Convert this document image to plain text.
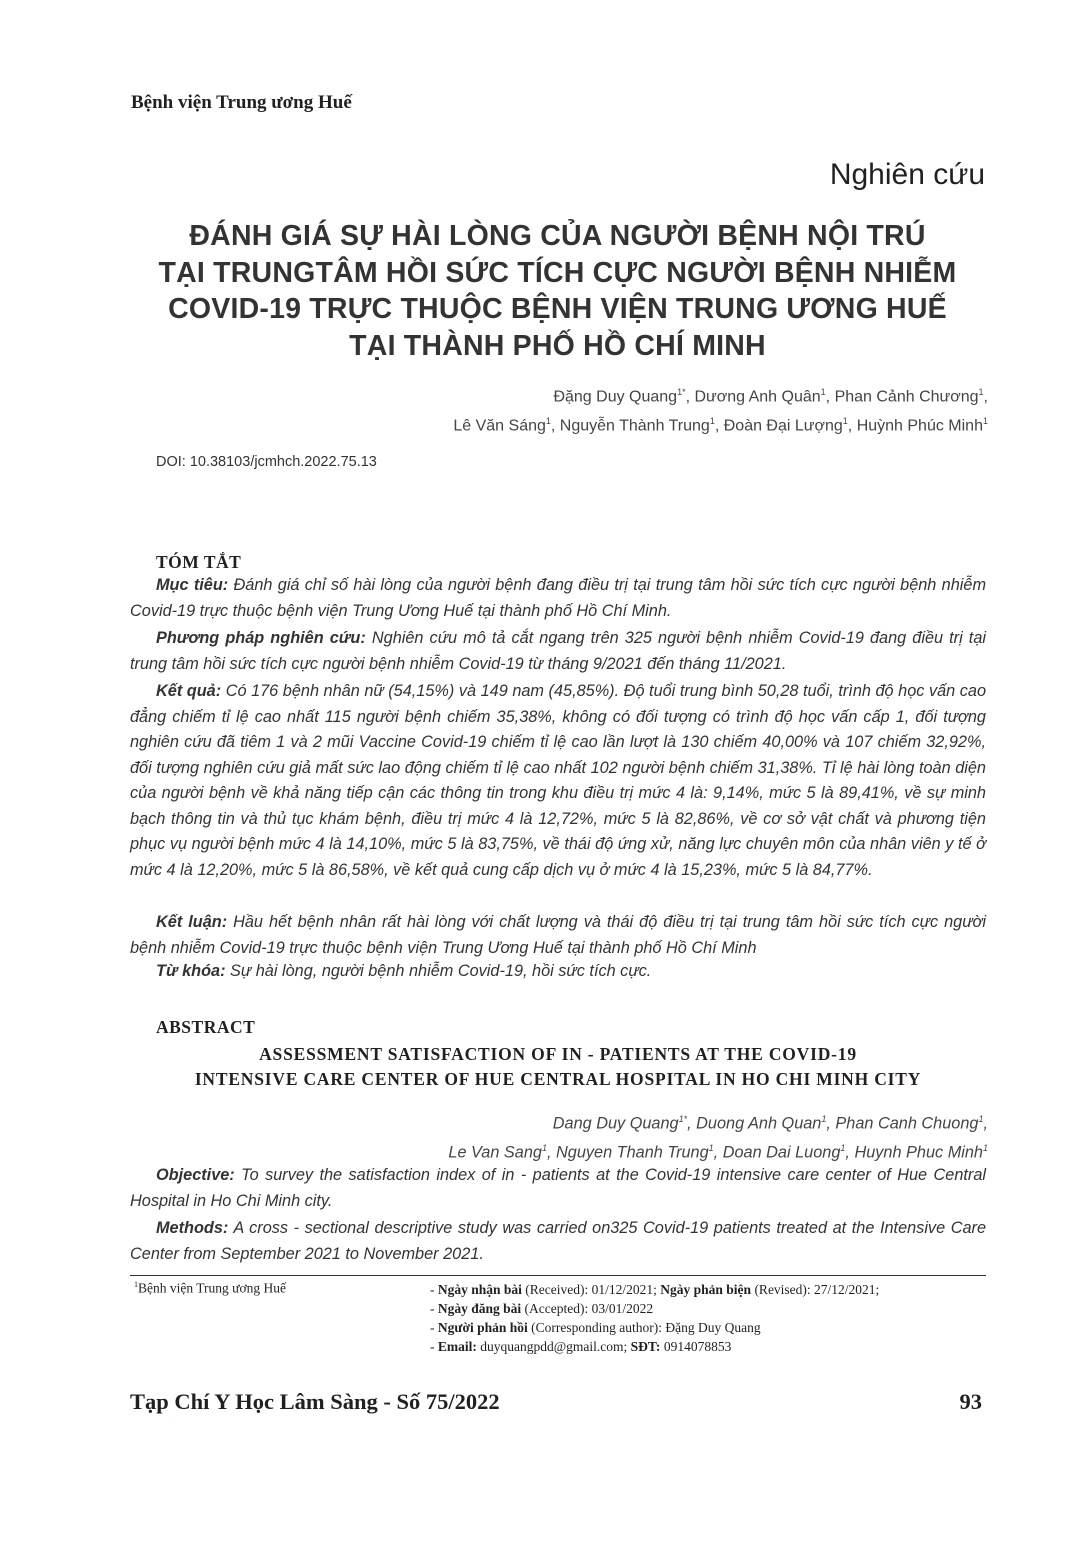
Bệnh viện Trung ương Huế
Nghiên cứu
ĐÁNH GIÁ SỰ HÀI LÒNG CỦA NGƯỜI BỆNH NỘI TRÚ
TẠI TRUNGTÂM HỒI SỨC TÍCH CỰC NGƯỜI BỆNH NHIỄM
COVID-19 TRỰC THUỘC BỆNH VIỆN TRUNG ƯƠNG HUẾ
TẠI THÀNH PHỐ HỒ CHÍ MINH
Đặng Duy Quang$^{1*}$, Dương Anh Quân$^1$, Phan Cảnh Chương$^1$,
Lê Văn Sáng$^1$, Nguyễn Thành Trung$^1$, Đoàn Đại Lượng$^1$, Huỳnh Phúc Minh$^1$
DOI: 10.38103/jcmhch.2022.75.13
TÓM TẮT

Mục tiêu: Đánh giá chỉ số hài lòng của người bệnh đang điều trị tại trung tâm hồi sức tích cực người bệnh nhiễm Covid-19 trực thuộc bệnh viện Trung Ương Huế tại thành phố Hồ Chí Minh.

Phương pháp nghiên cứu: Nghiên cứu mô tả cắt ngang trên 325 người bệnh nhiễm Covid-19 đang điều trị tại trung tâm hồi sức tích cực người bệnh nhiễm Covid-19 từ tháng 9/2021 đến tháng 11/2021.

Kết quả: Có 176 bệnh nhân nữ (54,15%) và 149 nam (45,85%). Độ tuổi trung bình 50,28 tuổi, trình độ học vấn cao đẳng chiếm tỉ lệ cao nhất 115 người bệnh chiếm 35,38%, không có đối tượng có trình độ học vấn cấp 1, đối tượng nghiên cứu đã tiêm 1 và 2 mũi Vaccine Covid-19 chiếm tỉ lệ cao lần lượt là 130 chiếm 40,00% và 107 chiếm 32,92%, đối tượng nghiên cứu giả mất sức lao động chiếm tỉ lệ cao nhất 102 người bệnh chiếm 31,38%. Tỉ lệ hài lòng toàn diện của người bệnh về khả năng tiếp cận các thông tin trong khu điều trị mức 4 là: 9,14%, mức 5 là 89,41%, về sự minh bạch thông tin và thủ tục khám bệnh, điều trị mức 4 là 12,72%, mức 5 là 82,86%, về cơ sở vật chất và phương tiện phục vụ người bệnh mức 4 là 14,10%, mức 5 là 83,75%, về thái độ ứng xử, năng lực chuyên môn của nhân viên y tế ở mức 4 là 12,20%, mức 5 là 86,58%, về kết quả cung cấp dịch vụ ở mức 4 là 15,23%, mức 5 là 84,77%.

Kết luận: Hầu hết bệnh nhân rất hài lòng với chất lượng và thái độ điều trị tại trung tâm hồi sức tích cực người bệnh nhiễm Covid-19 trực thuộc bệnh viện Trung Ương Huế tại thành phố Hồ Chí Minh

Từ khóa: Sự hài lòng, người bệnh nhiễm Covid-19, hồi sức tích cực.

ABSTRACT
ASSESSMENT SATISFACTION OF IN - PATIENTS AT THE COVID-19
INTENSIVE CARE CENTER OF HUE CENTRAL HOSPITAL IN HO CHI MINH CITY
Dang Duy Quang$^{1*}$, Duong Anh Quan$^1$, Phan Canh Chuong$^1$,
Le Van Sang$^1$, Nguyen Thanh Trung$^1$, Doan Dai Luong$^1$, Huynh Phuc Minh$^1$

Objective: To survey the satisfaction index of in - patients at the Covid-19 intensive care center of Hue Central Hospital in Ho Chi Minh city.

Methods: A cross - sectional descriptive study was carried on325 Covid-19 patients treated at the Intensive Care Center from September 2021 to November 2021.

$^1$Bệnh viện Trung ương Huế	- Ngày nhận bài (Received): 01/12/2021; Ngày phản biện (Revised): 27/12/2021;
- Ngày đăng bài (Accepted): 03/01/2022
- Người phản hồi (Corresponding author): Đặng Duy Quang
- Email: duyquangpdd@gmail.com; SĐT: 0914078853
Tạp Chí Y Học Lâm Sàng - Số 75/2022	93
